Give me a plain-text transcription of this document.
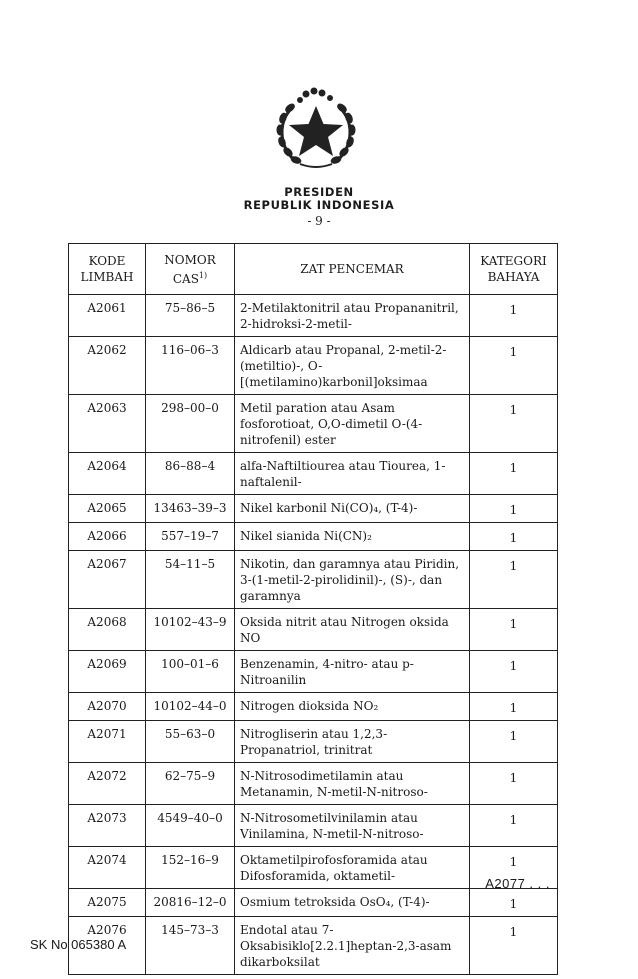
PRESIDEN
REPUBLIK INDONESIA
- 9 -
KODE LIMBAH	NOMOR CAS$^{1)}$	ZAT PENCEMAR	KATEGORI BAHAYA
A2061	75–86–5	2-Metilaktonitril atau Propananitril, 2-hidroksi-2-metil-	1
A2062	116–06–3	Aldicarb atau Propanal, 2-metil-2-(metiltio)-, O-[(metilamino)karbonil]oksimaa	1
A2063	298–00–0	Metil paration atau Asam fosforotioat, O,O-dimetil O-(4- nitrofenil) ester	1
A2064	86–88–4	alfa-Naftiltiourea atau Tiourea, 1-naftalenil-	1
A2065	13463–39–3	Nikel karbonil Ni(CO)₄, (T-4)-	1
A2066	557–19–7	Nikel sianida Ni(CN)₂	1
A2067	54–11–5	Nikotin, dan garamnya atau Piridin, 3-(1-metil-2-pirolidinil)-, (S)-, dan garamnya	1
A2068	10102–43–9	Oksida nitrit atau Nitrogen oksida NO	1
A2069	100–01–6	Benzenamin, 4-nitro- atau p-Nitroanilin	1
A2070	10102–44–0	Nitrogen dioksida NO₂	1
A2071	55–63–0	Nitrogliserin atau 1,2,3- Propanatriol, trinitrat	1
A2072	62–75–9	N-Nitrosodimetilamin atau Metanamin, N-metil-N-nitroso-	1
A2073	4549–40–0	N-Nitrosometilvinilamin atau Vinilamina, N-metil-N-nitroso-	1
A2074	152–16–9	Oktametilpirofosforamida atau Difosforamida, oktametil-	1
A2075	20816–12–0	Osmium tetroksida OsO₄, (T-4)-	1
A2076	145–73–3	Endotal atau 7-Oksabisiklo[2.2.1]heptan-2,3-asam dikarboksilat	1
A2077 . . .
SK No 065380 A
